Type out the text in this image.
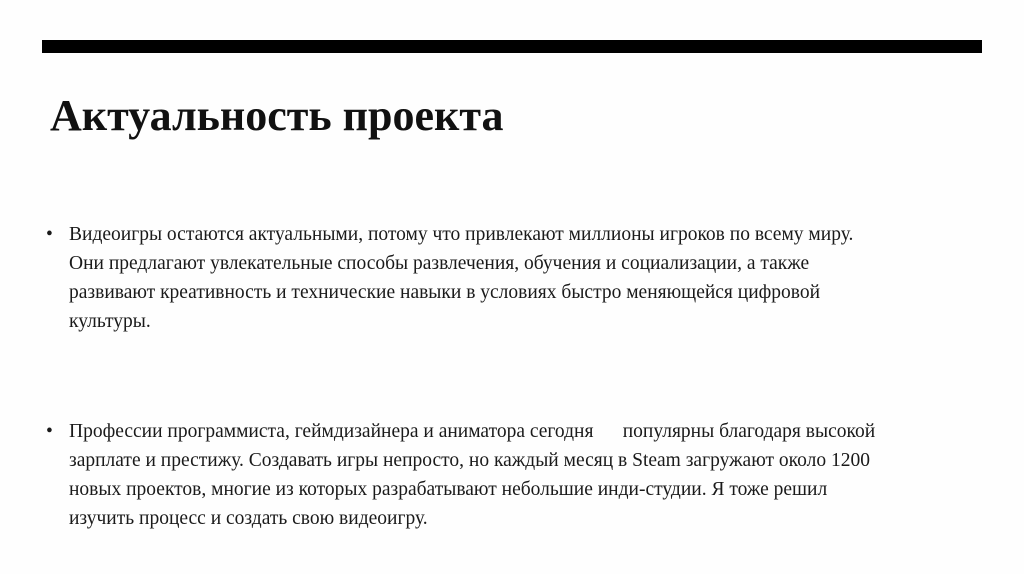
Актуальность проекта
• Видеоигры остаются актуальными, потому что привлекают миллионы игроков по всему миру.
Они предлагают увлекательные способы развлечения, обучения и социализации, а также
развивают креативность и технические навыки в условиях быстро меняющейся цифровой
культуры.

• Профессии программиста, геймдизайнера и аниматора сегодня      популярны благодаря высокой
зарплате и престижу. Создавать игры непросто, но каждый месяц в Steam загружают около 1200
новых проектов, многие из которых разрабатывают небольшие инди-студии. Я тоже решил
изучить процесс и создать свою видеоигру.
